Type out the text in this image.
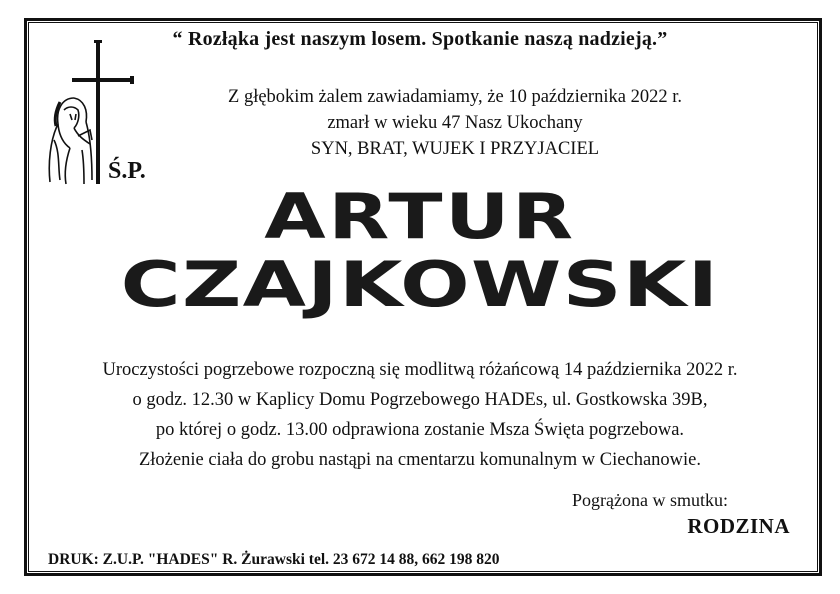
“ Rozłąka jest naszym losem. Spotkanie naszą nadzieją.”
Z głębokim żalem zawiadamiamy, że 10 października 2022 r.
zmarł w wieku 47 Nasz Ukochany
SYN, BRAT, WUJEK I PRZYJACIEL
Ś.P.
ARTUR
CZAJKOWSKI
Uroczystości pogrzebowe rozpoczną się modlitwą różańcową 14 października 2022 r.
o godz. 12.30 w Kaplicy Domu Pogrzebowego HADEs, ul. Gostkowska 39B,
po której o godz. 13.00 odprawiona zostanie Msza Święta pogrzebowa.
Złożenie ciała do grobu nastąpi na cmentarzu komunalnym w Ciechanowie.
Pogrążona w smutku:
RODZINA
DRUK: Z.U.P. "HADES" R. Żurawski tel. 23 672 14 88, 662 198 820
